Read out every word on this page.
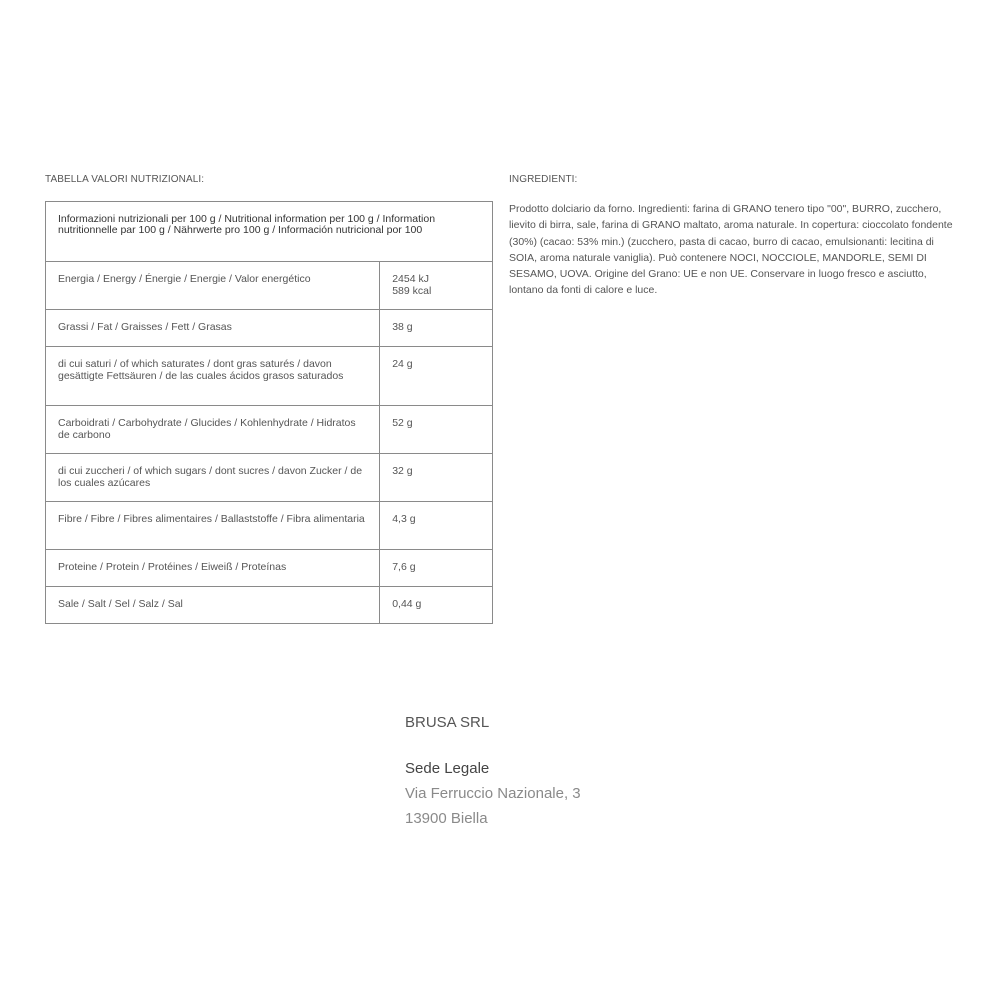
TABELLA VALORI NUTRIZIONALI:
Informazioni nutrizionali per 100 g / Nutritional information per 100 g / Information nutritionnelle par 100 g / Nährwerte pro 100 g / Información nutricional por 100	
Energia / Energy / Énergie / Energie / Valor energético	2454 kJ
589 kcal

Grassi / Fat / Graisses / Fett / Grasas	38 g
di cui saturi / of which saturates / dont gras saturés / davon gesättigte Fettsäuren / de las cuales ácidos grasos saturados	24 g
Carboidrati / Carbohydrate / Glucides / Kohlenhydrate / Hidratos de carbono	52 g
di cui zuccheri / of which sugars / dont sucres / davon Zucker / de los cuales azúcares	32 g
Fibre / Fibre / Fibres alimentaires / Ballaststoffe / Fibra alimentaria	4,3 g
Proteine / Protein / Protéines / Eiweiß / Proteínas	7,6 g
Sale / Salt / Sel / Salz / Sal	0,44 g
INGREDIENTI:

Prodotto dolciario da forno. Ingredienti: farina di GRANO tenero tipo "00", BURRO, zucchero, lievito di birra, sale, farina di GRANO maltato, aroma naturale. In copertura: cioccolato fondente (30%) (cacao: 53% min.) (zucchero, pasta di cacao, burro di cacao, emulsionanti: lecitina di SOIA, aroma naturale vaniglia). Può contenere NOCI, NOCCIOLE, MANDORLE, SEMI DI SESAMO, UOVA. Origine del Grano: UE e non UE. Conservare in luogo fresco e asciutto, lontano da fonti di calore e luce.

BRUSA SRL
Sede Legale
Via Ferruccio Nazionale, 3
13900 Biella
